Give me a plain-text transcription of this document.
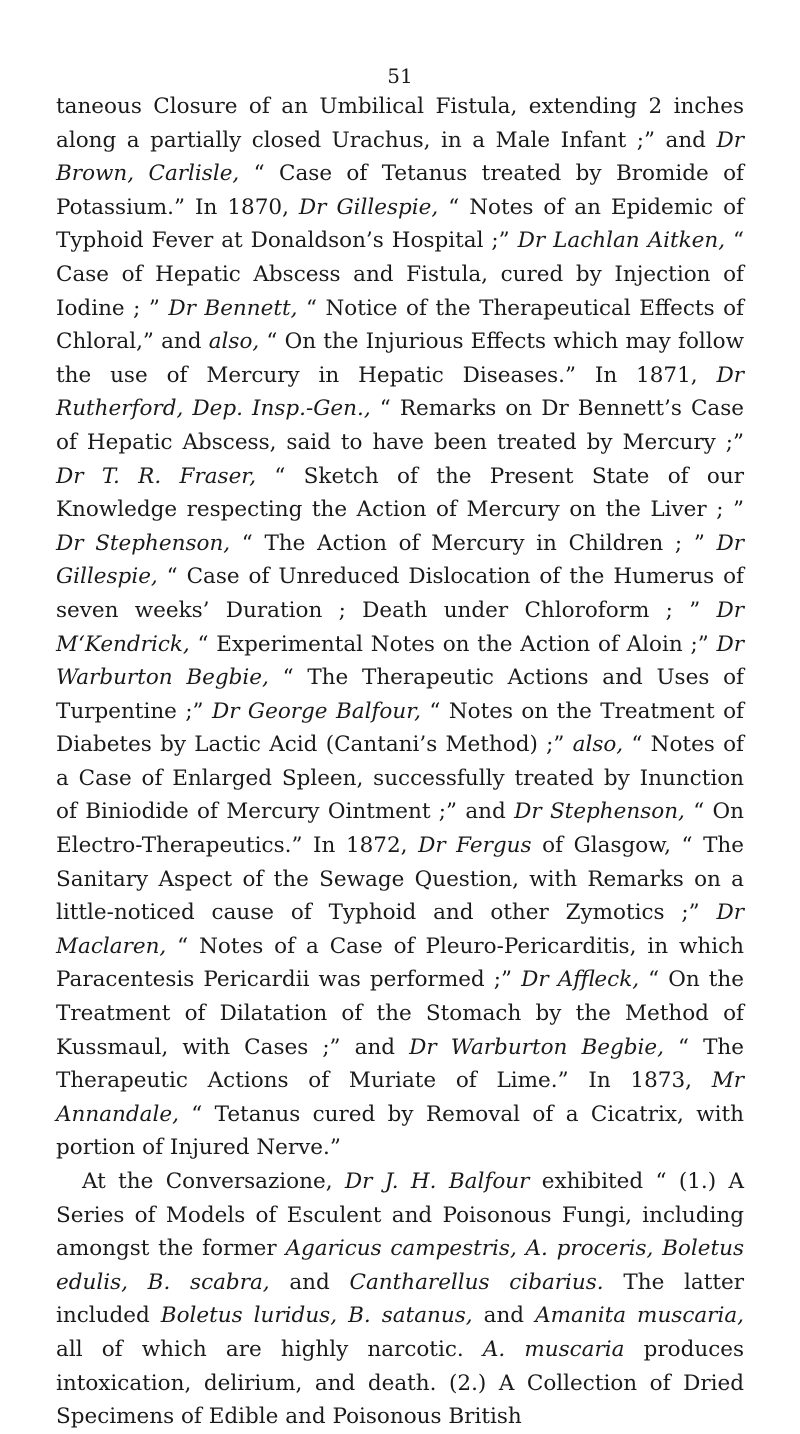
51

taneous Closure of an Umbilical Fistula, extending 2 inches along a partially closed Urachus, in a Male Infant ;” and Dr Brown, Carlisle, “ Case of Tetanus treated by Bromide of Potassium.” In 1870, Dr Gillespie, “ Notes of an Epidemic of Typhoid Fever at Donaldson’s Hospital ;” Dr Lachlan Aitken, “ Case of Hepatic Abscess and Fistula, cured by Injection of Iodine ; ” Dr Bennett, “ Notice of the Therapeutical Effects of Chloral,” and also, “ On the Injurious Effects which may follow the use of Mercury in Hepatic Diseases.” In 1871, Dr Rutherford, Dep. Insp.-Gen., “ Remarks on Dr Bennett’s Case of Hepatic Abscess, said to have been treated by Mercury ;” Dr T. R. Fraser, “ Sketch of the Present State of our Knowledge respecting the Action of Mercury on the Liver ; ” Dr Stephenson, “ The Action of Mercury in Children ; ” Dr Gillespie, “ Case of Unreduced Dislocation of the Humerus of seven weeks’ Duration ; Death under Chloroform ; ” Dr M‘Kendrick, “ Experimental Notes on the Action of Aloin ;” Dr Warburton Begbie, “ The Therapeutic Actions and Uses of Turpentine ;” Dr George Balfour, “ Notes on the Treatment of Diabetes by Lactic Acid (Cantani’s Method) ;” also, “ Notes of a Case of Enlarged Spleen, successfully treated by Inunction of Biniodide of Mercury Ointment ;” and Dr Stephenson, “ On Electro-Therapeutics.” In 1872, Dr Fergus of Glasgow, “ The Sanitary Aspect of the Sewage Question, with Remarks on a little-noticed cause of Typhoid and other Zymotics ;” Dr Maclaren, “ Notes of a Case of Pleuro-Pericarditis, in which Paracentesis Pericardii was performed ;” Dr Affleck, “ On the Treatment of Dilatation of the Stomach by the Method of Kussmaul, with Cases ;” and Dr Warburton Begbie, “ The Therapeutic Actions of Muriate of Lime.” In 1873, Mr Annandale, “ Tetanus cured by Removal of a Cicatrix, with portion of Injured Nerve.”

At the Conversazione, Dr J. H. Balfour exhibited “ (1.) A Series of Models of Esculent and Poisonous Fungi, including amongst the former Agaricus campestris, A. proceris, Boletus edulis, B. scabra, and Cantharellus cibarius. The latter included Boletus luridus, B. satanus, and Amanita muscaria, all of which are highly narcotic. A. muscaria produces intoxication, delirium, and death. (2.) A Collection of Dried Specimens of Edible and Poisonous British
